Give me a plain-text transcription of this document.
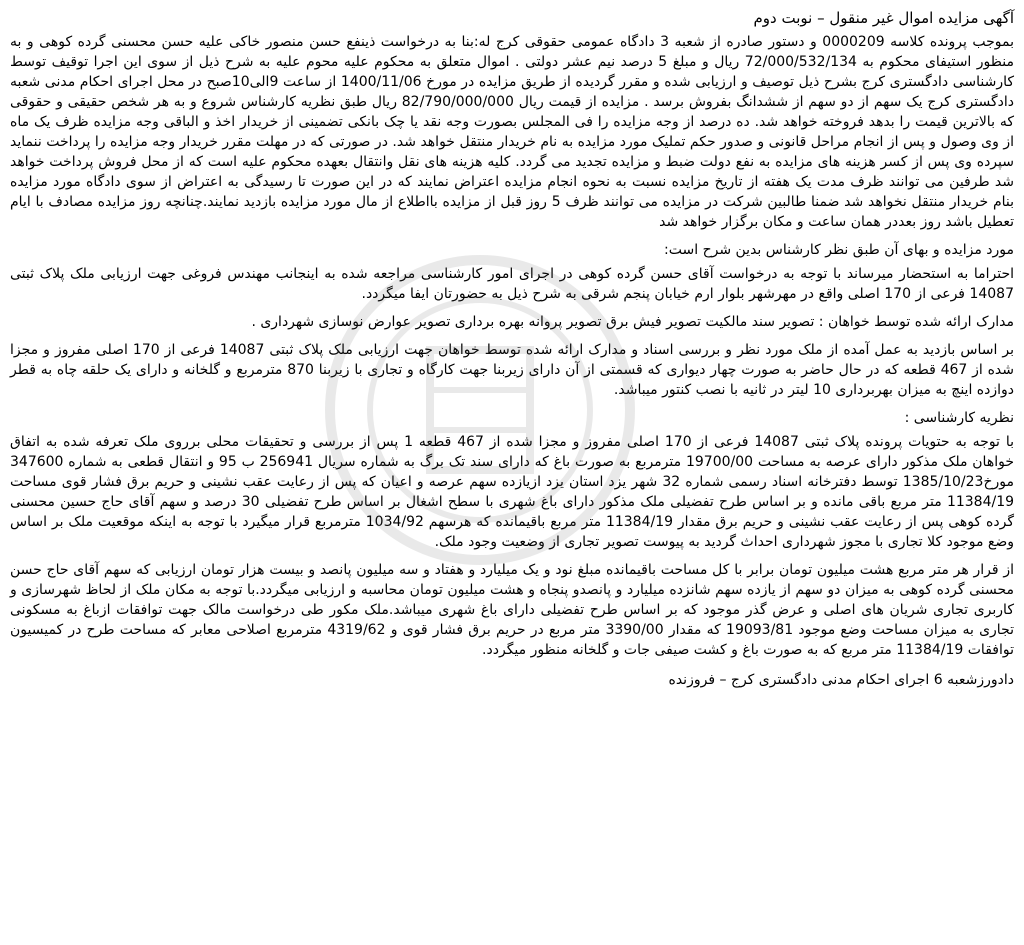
آگهی مزایده اموال غیر منقول – نوبت دوم

بموجب پرونده کلاسه 0000209 و دستور صادره از شعبه 3 دادگاه عمومی حقوقی کرج له:بنا به درخواست ذینفع حسن منصور خاکی علیه حسن محسنی گرده کوهی و به منظور استیفای محکوم به 72/000/532/134 ریال و مبلغ 5 درصد نیم عشر دولتی . اموال متعلق به محکوم علیه محوم علیه به شرح ذیل از سوی این اجرا توقیف توسط کارشناسی دادگستری کرج بشرح ذیل توصیف و ارزیابی شده و مقرر گردیده از طریق مزایده در مورخ 1400/11/06 از ساعت 9الی10صبح در محل اجرای احکام مدنی شعبه دادگستری کرج یک سهم از دو سهم از ششدانگ بفروش برسد . مزایده از قیمت ریال 82/790/000/000 ریال طبق نظریه کارشناس شروع و به هر شخص حقیقی و حقوقی که بالاترین قیمت را بدهد فروخته خواهد شد. ده درصد از وجه مزایده را فی المجلس بصورت وجه نقد یا چک بانکی تضمینی از خریدار اخذ و الباقی وجه مزایده ظرف یک ماه از وی وصول و پس از انجام مراحل قانونی و صدور حکم تملیک مورد مزایده به نام خریدار منتقل خواهد شد. در صورتی که در مهلت مقرر خریدار وجه مزایده را پرداخت ننماید سپرده وی پس از کسر هزینه های مزایده به نفع دولت ضبط و مزایده تجدید می گردد. کلیه هزینه های نقل وانتقال بعهده محکوم علیه است که از محل فروش پرداخت خواهد شد طرفین می توانند ظرف مدت یک هفته از تاریخ مزایده نسبت به نحوه انجام مزایده اعتراض نمایند که در این صورت تا رسیدگی به اعتراض از سوی دادگاه مورد مزایده بنام خریدار منتقل نخواهد شد ضمنا طالبین شرکت در مزایده می توانند ظرف 5 روز قبل از مزایده بااطلاع از مال مورد مزایده بازدید نمایند.چنانچه روز مزایده مصادف با ایام تعطیل باشد روز بعددر همان ساعت و مکان برگزار خواهد شد

مورد مزایده و بهای آن طبق نظر کارشناس بدین شرح است:

احتراما به استحضار میرساند با توجه به درخواست آقای حسن گرده کوهی در اجرای امور کارشناسی مراجعه شده به اینجانب مهندس فروغی جهت ارزیابی ملک پلاک ثبتی 14087 فرعی از 170 اصلی واقع در مهرشهر بلوار ارم خیابان پنجم شرقی به شرح ذیل به حضورتان ایفا میگردد.

مدارک ارائه شده توسط خواهان : تصویر سند مالکیت تصویر فیش برق تصویر پروانه بهره برداری تصویر عوارض نوسازی شهرداری .

بر اساس بازدید به عمل آمده از ملک مورد نظر و بررسی اسناد و مدارک ارائه شده توسط خواهان جهت ارزیابی ملک پلاک ثبتی 14087 فرعی از 170 اصلی مفروز و مجزا شده از 467 قطعه که در حال حاضر به صورت چهار دیواری که قسمتی از آن دارای زیربنا جهت کارگاه و تجاری با زیربنا 870 مترمربع و گلخانه و دارای یک حلقه چاه به قطر دوازده اینچ به میزان بهربرداری 10 لیتر در ثانیه با نصب کنتور میباشد.

نظریه کارشناسی :

با توجه به حتویات پرونده پلاک ثبتی 14087 فرعی از 170 اصلی مفروز و مجزا شده از 467 قطعه 1 پس از بررسی و تحقیقات محلی برروی ملک تعرفه شده به اتفاق خواهان ملک مذکور دارای عرصه به مساحت 19700/00 مترمربع به صورت باغ که دارای سند تک برگ به شماره سریال 256941 ب 95 و انتقال قطعی به شماره 347600 مورخ1385/10/23 توسط دفترخانه اسناد رسمی شماره 32 شهر یزد استان یزد ازیازده سهم عرصه و اعیان که پس از رعایت عقب نشینی و حریم برق فشار قوی مساحت 11384/19 متر مربع باقی مانده و بر اساس طرح تفضیلی ملک مذکور دارای باغ شهری با سطح اشغال بر اساس طرح تفضیلی 30 درصد و سهم آقای حاج حسین محسنی گرده کوهی پس از رعایت عقب نشینی و حریم برق مقدار 11384/19 متر مربع باقیمانده که هرسهم 1034/92 مترمربع قرار میگیرد با توجه به اینکه موقعیت ملک بر اساس وضع موجود کلا تجاری با مجوز شهرداری احداث گردید به پیوست تصویر تجاری از وضعیت وجود ملک.

از قرار هر متر مربع هشت میلیون تومان برابر با کل مساحت باقیمانده مبلغ نود و یک میلیارد و هفتاد و سه میلیون پانصد و بیست هزار تومان ارزیابی که سهم آقای حاج حسن محسنی گرده کوهی به میزان دو سهم از یازده سهم شانزده میلیارد و پانصدو پنجاه و هشت میلیون تومان محاسبه و ارزیابی میگردد.با توجه به مکان ملک از لحاظ شهرسازی و کاربری تجاری شریان های اصلی و عرض گذر موجود که بر اساس طرح تفضیلی دارای باغ شهری میباشد.ملک مکور طی درخواست مالک جهت توافقات ازباغ به مسکونی تجاری به میزان مساحت وضع موجود 19093/81 که مقدار 3390/00 متر مربع در حریم برق فشار قوی و 4319/62 مترمربع اصلاحی معابر که مساحت طرح در کمیسیون توافقات 11384/19 متر مربع که به صورت باغ و کشت صیفی جات و گلخانه منظور میگردد.

دادورزشعبه 6 اجرای احکام مدنی دادگستری کرج – فروزنده
